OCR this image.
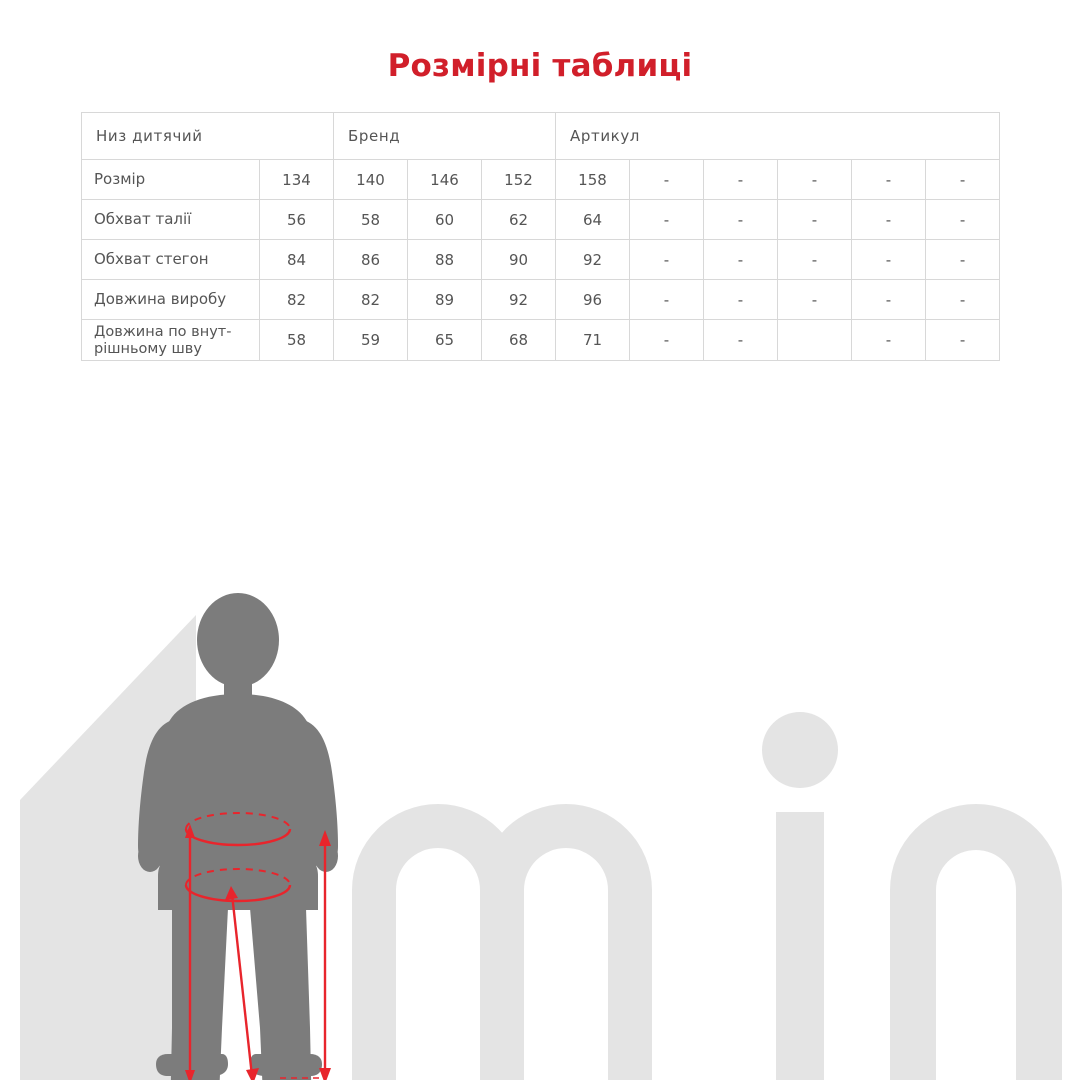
Розмірні таблиці
Низ дитячий		Бренд			Артикул					
Розмір	134	140	146	152	158	-	-	-	-	-
Обхват талії	56	58	60	62	64	-	-	-	-	-
Обхват стегон	84	86	88	90	92	-	-	-	-	-
Довжина виробу	82	82	89	92	96	-	-	-	-	-
Довжина по внут-
рішньому шву	58	59	65	68	71	-	-		-	-
